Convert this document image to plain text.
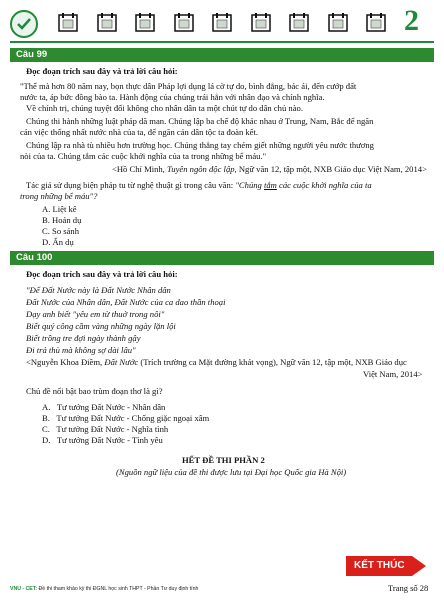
2
Câu 99
Đọc đoạn trích sau đây và trả lời câu hỏi:
"Thế mà hơn 80 năm nay, bọn thực dân Pháp lợi dụng lá cờ tự do, bình đẳng, bác ái, đến cướp đất
nước ta, áp bức đồng bào ta. Hành động của chúng trái hẳn với nhân đạo và chính nghĩa.
Về chính trị, chúng tuyệt đối không cho nhân dân ta một chút tự do dân chủ nào.
Chúng thi hành những luật pháp dã man. Chúng lập ba chế độ khác nhau ở Trung, Nam, Bắc để ngăn
cản việc thống nhất nước nhà của ta, để ngăn cản dân tộc ta đoàn kết.
Chúng lập ra nhà tù nhiều hơn trường học. Chúng thẳng tay chém giết những người yêu nước thương
nòi của ta. Chúng tắm các cuộc khởi nghĩa của ta trong những bể máu."
<Hồ Chí Minh, Tuyên ngôn độc lập, Ngữ văn 12, tập một, NXB Giáo dục Việt Nam, 2014>
Tác giả sử dụng biện pháp tu từ nghệ thuật gì trong câu văn: "Chúng tắm các cuộc khởi nghĩa của ta
trong những bể máu"?
A. Liệt kê
B. Hoán dụ
C. So sánh
D. Ẩn dụ
Câu 100
Đọc đoạn trích sau đây và trả lời câu hỏi:
"Để Đất Nước này là Đất Nước Nhân dân
Đất Nước của Nhân dân, Đất Nước của ca dao thần thoại
Dạy anh biết "yêu em từ thuở trong nôi"
Biết quý công cầm vàng những ngày lặn lội
Biết trồng tre đợi ngày thành gậy
Đi trả thù mà không sợ dài lâu"
<Nguyễn Khoa Điềm, Đất Nước (Trích trường ca Mặt đường khát vọng), Ngữ văn 12, tập một, NXB Giáo dục
Việt Nam, 2014>
Chủ đề nổi bật bao trùm đoạn thơ là gì?
A. Tư tưởng Đất Nước - Nhân dân
B. Tư tưởng Đất Nước - Chống giặc ngoại xâm
C. Tư tưởng Đất Nước - Nghĩa tình
D. Tư tưởng Đất Nước - Tình yêu
HẾT ĐỀ THI PHẦN 2
(Nguồn ngữ liệu của đề thi được lưu tại Đại học Quốc gia Hà Nội)
KẾT THÚC
VNU - CET: Đề thi tham khảo kỳ thi ĐGNL học sinh THPT - Phần Tư duy định tính	Trang số 28
